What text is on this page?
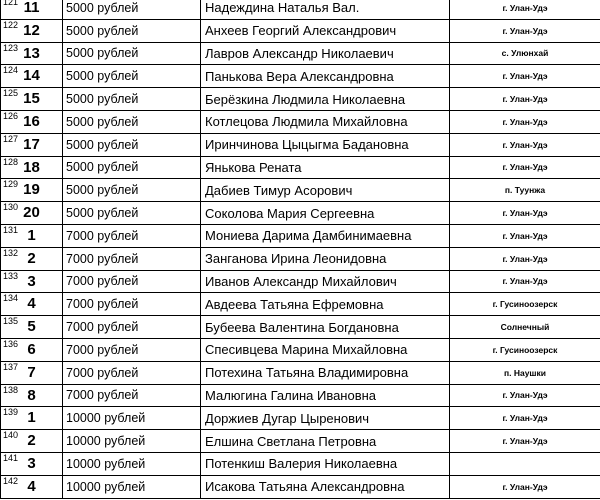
121 11	5000 рублей	Надеждина Наталья Вал.	г. Улан-Удэ

122 12	5000 рублей	Анхеев Георгий Александрович	г. Улан-Удэ

123 13	5000 рублей	Лавров Александр Николаевич	с. Улюнхай

124 14	5000 рублей	Панькова Вера Александровна	г. Улан-Удэ

125 15	5000 рублей	Берёзкина Людмила Николаевна	г. Улан-Удэ

126 16	5000 рублей	Котлецова Людмила Михайловна	г. Улан-Удэ

127 17	5000 рублей	Иринчинова Цыцыгма Бадановна	г. Улан-Удэ

128 18	5000 рублей	Янькова Рената	г. Улан-Удэ

129 19	5000 рублей	Дабиев Тимур Асорович	п. Туунжа

130 20	5000 рублей	Соколова Мария Сергеевна	г. Улан-Удэ

131 1	7000 рублей	Мониева Дарима Дамбинимаевна	г. Улан-Удэ

132 2	7000 рублей	Занганова Ирина Леонидовна	г. Улан-Удэ

133 3	7000 рублей	Иванов Александр Михайлович	г. Улан-Удэ

134 4	7000 рублей	Авдеева Татьяна Ефремовна	г. Гусиноозерск

135 5	7000 рублей	Бубеева Валентина Богдановна	Солнечный

136 6	7000 рублей	Спесивцева Марина Михайловна	г. Гусиноозерск

137 7	7000 рублей	Потехина Татьяна Владимировна	п. Наушки

138 8	7000 рублей	Малюгина Галина Ивановна	г. Улан-Удэ

139 1	10000 рублей	Доржиев Дугар Цыренович	г. Улан-Удэ

140 2	10000 рублей	Елшина Светлана Петровна	г. Улан-Удэ

141 3	10000 рублей	Потенкиш Валерия Николаевна	

142 4	10000 рублей	Исакова Татьяна Александровна	г. Улан-Удэ
